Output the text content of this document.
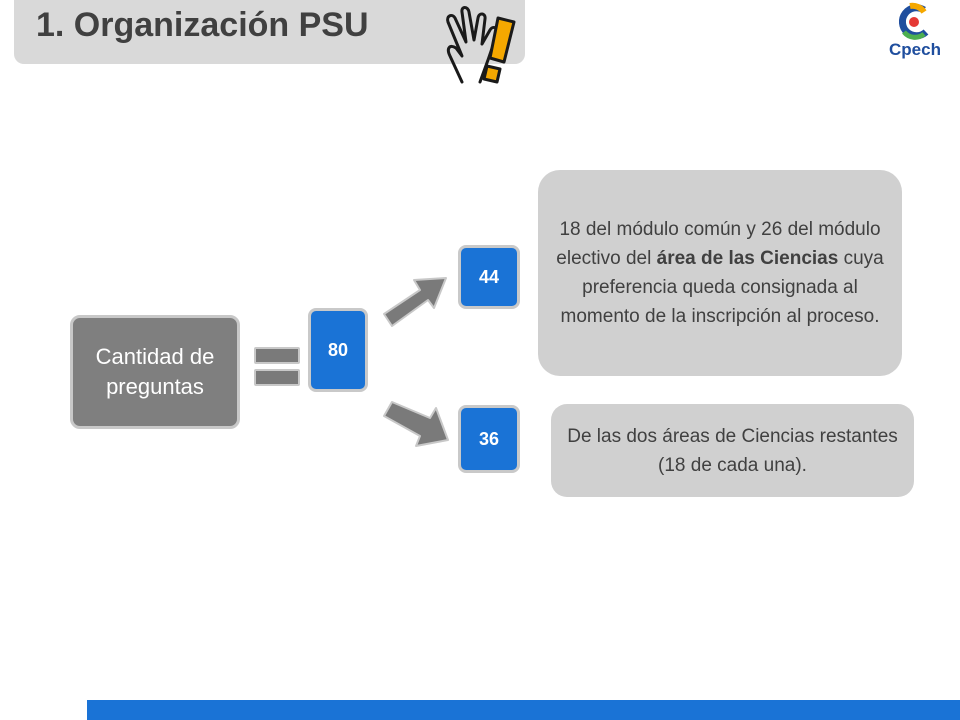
1. Organización PSU
Cpech
Cantidad de preguntas
80
44
36
18 del módulo común y 26 del módulo electivo del área de las Ciencias cuya preferencia queda consignada al momento de la inscripción al proceso.
De las dos áreas de Ciencias restantes (18 de cada una).
